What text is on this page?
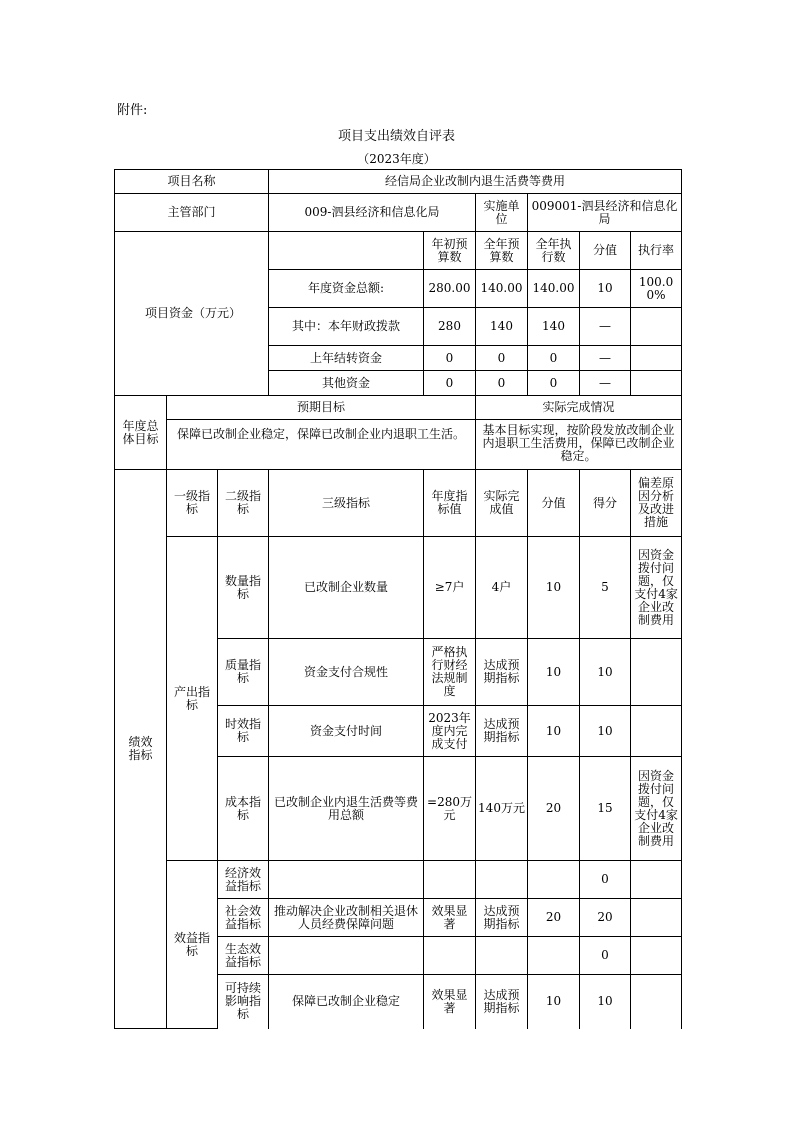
附件:
项目支出绩效自评表
（2023年度）
项目名称			经信局企业改制内退生活费等费用						
主管部门			009-泗县经济和信息化局		实施单位	009001-泗县经济和信息化局			
项目资金（万元）				年初预算数	全年预算数	全年执行数	分值	执行率	
			年度资金总额:	280.00	140.00	140.00	10	100.00%	
			其中：本年财政拨款	280	140	140	—		
			上年结转资金	0	0	0	—		
			其他资金	0	0	0	—		
年度总体目标	预期目标				实际完成情况				
	保障已改制企业稳定，保障已改制企业内退职工生活。				基本目标实现，按阶段发放改制企业内退职工生活费用，保障已改制企业稳定。				
绩效指标	一级指标	二级指标	三级指标	年度指标值	实际完成值	分值	得分	偏差原因分析及改进措施	
	产出指标	数量指标	已改制企业数量	≥7户	4户	10	5	因资金拨付问题，仅支付4家企业改制费用	
		质量指标	资金支付合规性	严格执行财经法规制度	达成预期指标	10	10		
		时效指标	资金支付时间	2023年度内完成支付	达成预期指标	10	10		
		成本指标	已改制企业内退生活费等费用总额	=280万元	140万元	20	15	因资金拨付问题，仅支付4家企业改制费用	
	效益指标	经济效益指标					0		
		社会效益指标	推动解决企业改制相关退休人员经费保障问题	效果显著	达成预期指标	20	20		
		生态效益指标					0		
		可持续影响指标	保障已改制企业稳定	效果显著	达成预期指标	10	10		
